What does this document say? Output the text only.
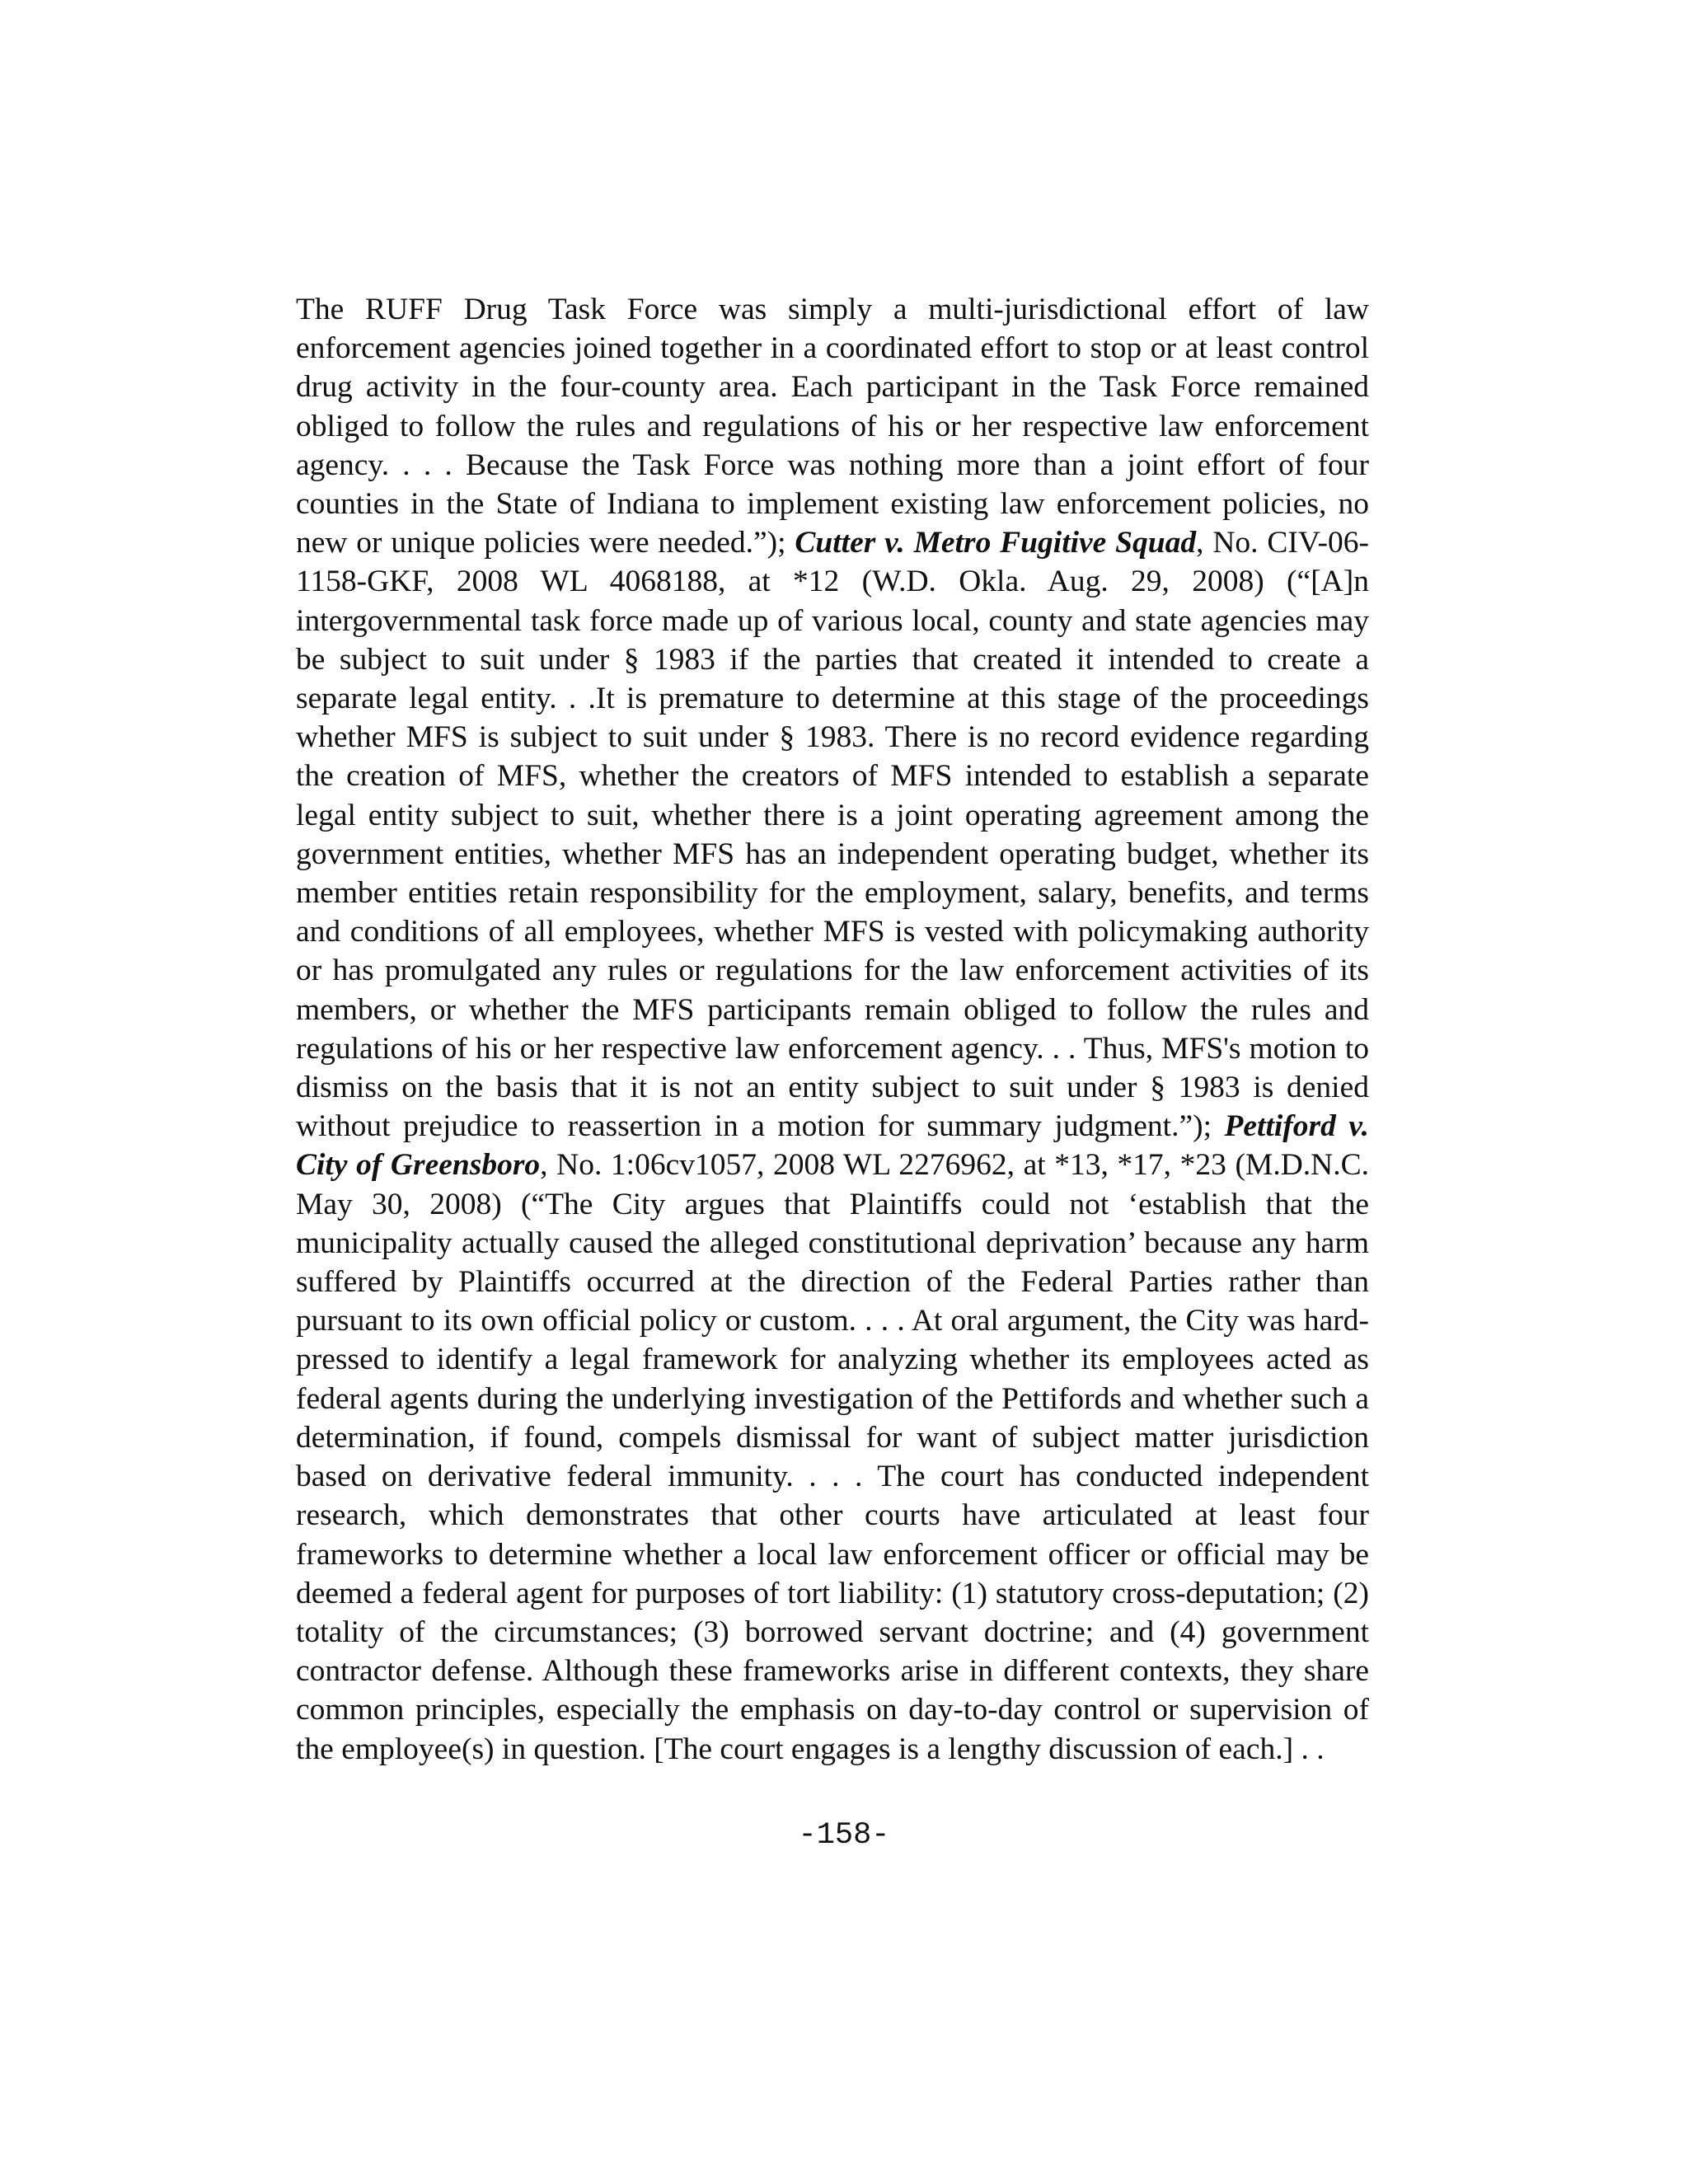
The RUFF Drug Task Force was simply a multi-jurisdictional effort of law enforcement agencies joined together in a coordinated effort to stop or at least control drug activity in the four-county area. Each participant in the Task Force remained obliged to follow the rules and regulations of his or her respective law enforcement agency. . . . Because the Task Force was nothing more than a joint effort of four counties in the State of Indiana to implement existing law enforcement policies, no new or unique policies were needed.”); Cutter v. Metro Fugitive Squad, No. CIV-06-1158-GKF, 2008 WL 4068188, at *12 (W.D. Okla. Aug. 29, 2008) (“[A]n intergovernmental task force made up of various local, county and state agencies may be subject to suit under § 1983 if the parties that created it intended to create a separate legal entity. . .It is premature to determine at this stage of the proceedings whether MFS is subject to suit under § 1983. There is no record evidence regarding the creation of MFS, whether the creators of MFS intended to establish a separate legal entity subject to suit, whether there is a joint operating agreement among the government entities, whether MFS has an independent operating budget, whether its member entities retain responsibility for the employment, salary, benefits, and terms and conditions of all employees, whether MFS is vested with policymaking authority or has promulgated any rules or regulations for the law enforcement activities of its members, or whether the MFS participants remain obliged to follow the rules and regulations of his or her respective law enforcement agency. . . Thus, MFS's motion to dismiss on the basis that it is not an entity subject to suit under § 1983 is denied without prejudice to reassertion in a motion for summary judgment.”); Pettiford v. City of Greensboro, No. 1:06cv1057, 2008 WL 2276962, at *13, *17, *23 (M.D.N.C. May 30, 2008) (“The City argues that Plaintiffs could not ‘establish that the municipality actually caused the alleged constitutional deprivation’ because any harm suffered by Plaintiffs occurred at the direction of the Federal Parties rather than pursuant to its own official policy or custom. . . . At oral argument, the City was hard-pressed to identify a legal framework for analyzing whether its employees acted as federal agents during the underlying investigation of the Pettifords and whether such a determination, if found, compels dismissal for want of subject matter jurisdiction based on derivative federal immunity. . . . The court has conducted independent research, which demonstrates that other courts have articulated at least four frameworks to determine whether a local law enforcement officer or official may be deemed a federal agent for purposes of tort liability: (1) statutory cross-deputation; (2) totality of the circumstances; (3) borrowed servant doctrine; and (4) government contractor defense. Although these frameworks arise in different contexts, they share common principles, especially the emphasis on day-to-day control or supervision of the employee(s) in question. [The court engages is a lengthy discussion of each.] . .

-158-
